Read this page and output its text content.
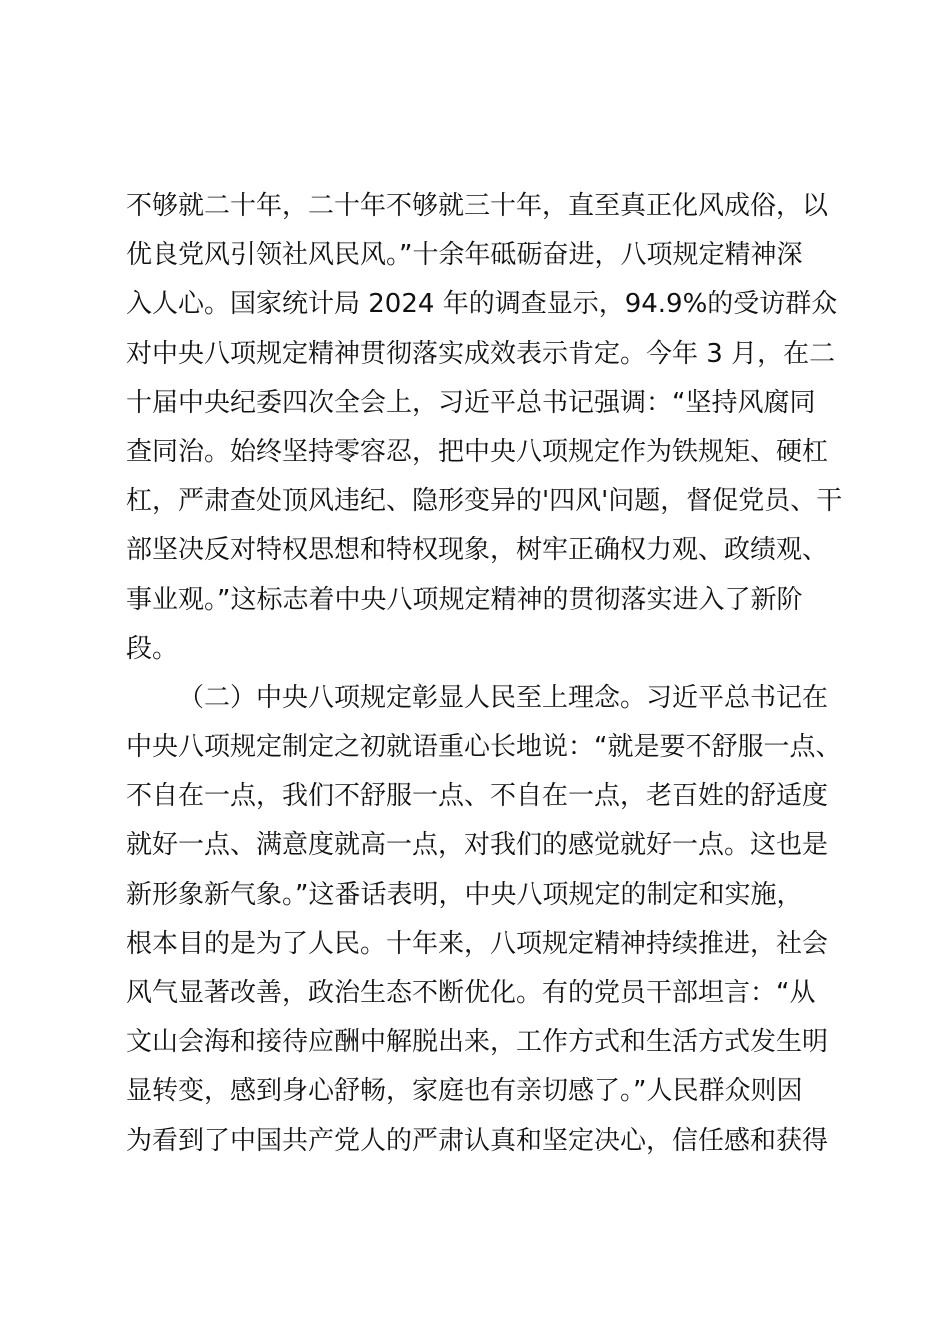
不够就二十年，二十年不够就三十年，直至真正化风成俗，以
优良党风引领社风民风。”十余年砥砺奋进，八项规定精神深
入人心。国家统计局 2024 年的调查显示，94.9%的受访群众
对中央八项规定精神贯彻落实成效表示肯定。今年 3 月，在二
十届中央纪委四次全会上，习近平总书记强调：“坚持风腐同
查同治。始终坚持零容忍，把中央八项规定作为铁规矩、硬杠
杠，严肃查处顶风违纪、隐形变异的'四风'问题，督促党员、干
部坚决反对特权思想和特权现象，树牢正确权力观、政绩观、
事业观。”这标志着中央八项规定精神的贯彻落实进入了新阶
段。
（二）中央八项规定彰显人民至上理念。习近平总书记在
中央八项规定制定之初就语重心长地说：“就是要不舒服一点、
不自在一点，我们不舒服一点、不自在一点，老百姓的舒适度
就好一点、满意度就高一点，对我们的感觉就好一点。这也是
新形象新气象。”这番话表明，中央八项规定的制定和实施，
根本目的是为了人民。十年来，八项规定精神持续推进，社会
风气显著改善，政治生态不断优化。有的党员干部坦言：“从
文山会海和接待应酬中解脱出来，工作方式和生活方式发生明
显转变，感到身心舒畅，家庭也有亲切感了。”人民群众则因
为看到了中国共产党人的严肃认真和坚定决心，信任感和获得
